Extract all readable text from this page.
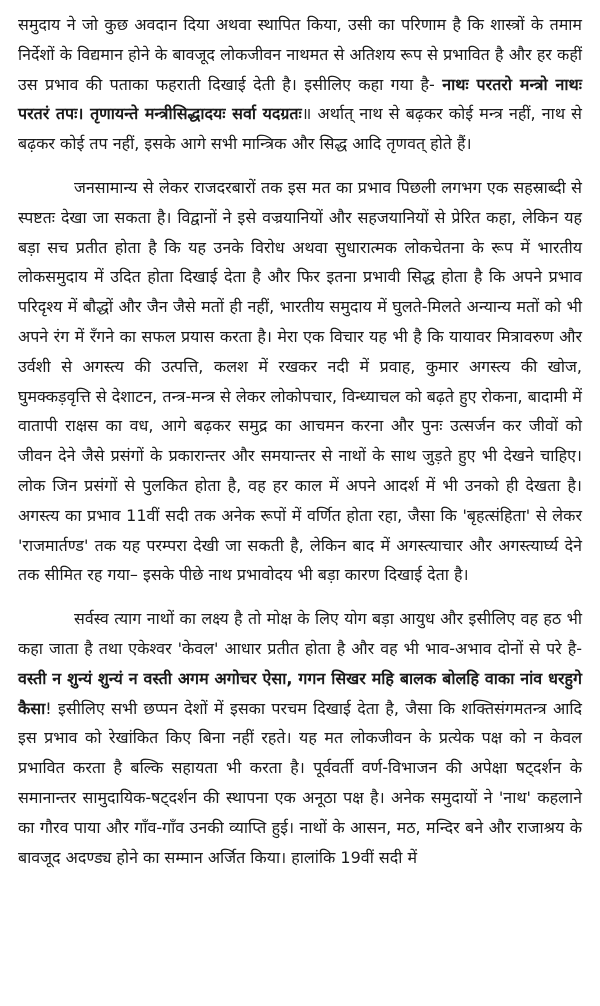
समुदाय ने जो कुछ अवदान दिया अथवा स्थापित किया, उसी का परिणाम है कि शास्त्रों के तमाम निर्देशों के विद्यमान होने के बावजूद लोकजीवन नाथमत से अतिशय रूप से प्रभावित है और हर कहीं उस प्रभाव की पताका फहराती दिखाई देती है। इसीलिए कहा गया है- नाथः परतरो मन्त्रो नाथः परतरं तपः। तृणायन्ते मन्त्रीसिद्धादयः सर्वा यदग्रतः॥ अर्थात् नाथ से बढ़कर कोई मन्त्र नहीं, नाथ से बढ़कर कोई तप नहीं, इसके आगे सभी मान्त्रिक और सिद्ध आदि तृणवत् होते हैं।

जनसामान्य से लेकर राजदरबारों तक इस मत का प्रभाव पिछली लगभग एक सहस्राब्दी से स्पष्टतः देखा जा सकता है। विद्वानों ने इसे वज्रयानियों और सहजयानियों से प्रेरित कहा, लेकिन यह बड़ा सच प्रतीत होता है कि यह उनके विरोध अथवा सुधारात्मक लोकचेतना के रूप में भारतीय लोकसमुदाय में उदित होता दिखाई देता है और फिर इतना प्रभावी सिद्ध होता है कि अपने प्रभाव परिदृश्य में बौद्धों और जैन जैसे मतों ही नहीं, भारतीय समुदाय में घुलते-मिलते अन्यान्य मतों को भी अपने रंग में रँगने का सफल प्रयास करता है। मेरा एक विचार यह भी है कि यायावर मित्रावरुण और उर्वशी से अगस्त्य की उत्पत्ति, कलश में रखकर नदी में प्रवाह, कुमार अगस्त्य की खोज, घुमक्कड़वृत्ति से देशाटन, तन्त्र-मन्त्र से लेकर लोकोपचार, विन्ध्याचल को बढ़ते हुए रोकना, बादामी में वातापी राक्षस का वध, आगे बढ़कर समुद्र का आचमन करना और पुनः उत्सर्जन कर जीवों को जीवन देने जैसे प्रसंगों के प्रकारान्तर और समयान्तर से नाथों के साथ जुड़ते हुए भी देखने चाहिए। लोक जिन प्रसंगों से पुलकित होता है, वह हर काल में अपने आदर्श में भी उनको ही देखता है। अगस्त्य का प्रभाव 11वीं सदी तक अनेक रूपों में वर्णित होता रहा, जैसा कि 'बृहत्संहिता' से लेकर 'राजमार्तण्ड' तक यह परम्परा देखी जा सकती है, लेकिन बाद में अगस्त्याचार और अगस्त्यार्घ्य देने तक सीमित रह गया– इसके पीछे नाथ प्रभावोदय भी बड़ा कारण दिखाई देता है।

सर्वस्व त्याग नाथों का लक्ष्य है तो मोक्ष के लिए योग बड़ा आयुध और इसीलिए वह हठ भी कहा जाता है तथा एकेश्वर 'केवल' आधार प्रतीत होता है और वह भी भाव-अभाव दोनों से परे है- वस्ती न शुन्यं शुन्यं न वस्ती अगम अगोचर ऐसा, गगन सिखर महि बालक बोलहि वाका नांव धरहुगे कैसा! इसीलिए सभी छप्पन देशों में इसका परचम दिखाई देता है, जैसा कि शक्तिसंगमतन्त्र आदि इस प्रभाव को रेखांकित किए बिना नहीं रहते। यह मत लोकजीवन के प्रत्येक पक्ष को न केवल प्रभावित करता है बल्कि सहायता भी करता है। पूर्ववर्ती वर्ण-विभाजन की अपेक्षा षट्दर्शन के समानान्तर सामुदायिक-षट्दर्शन की स्थापना एक अनूठा पक्ष है। अनेक समुदायों ने 'नाथ' कहलाने का गौरव पाया और गाँव-गाँव उनकी व्याप्ति हुई। नाथों के आसन, मठ, मन्दिर बने और राजाश्रय के बावजूद अदण्ड्य होने का सम्मान अर्जित किया। हालांकि 19वीं सदी में
